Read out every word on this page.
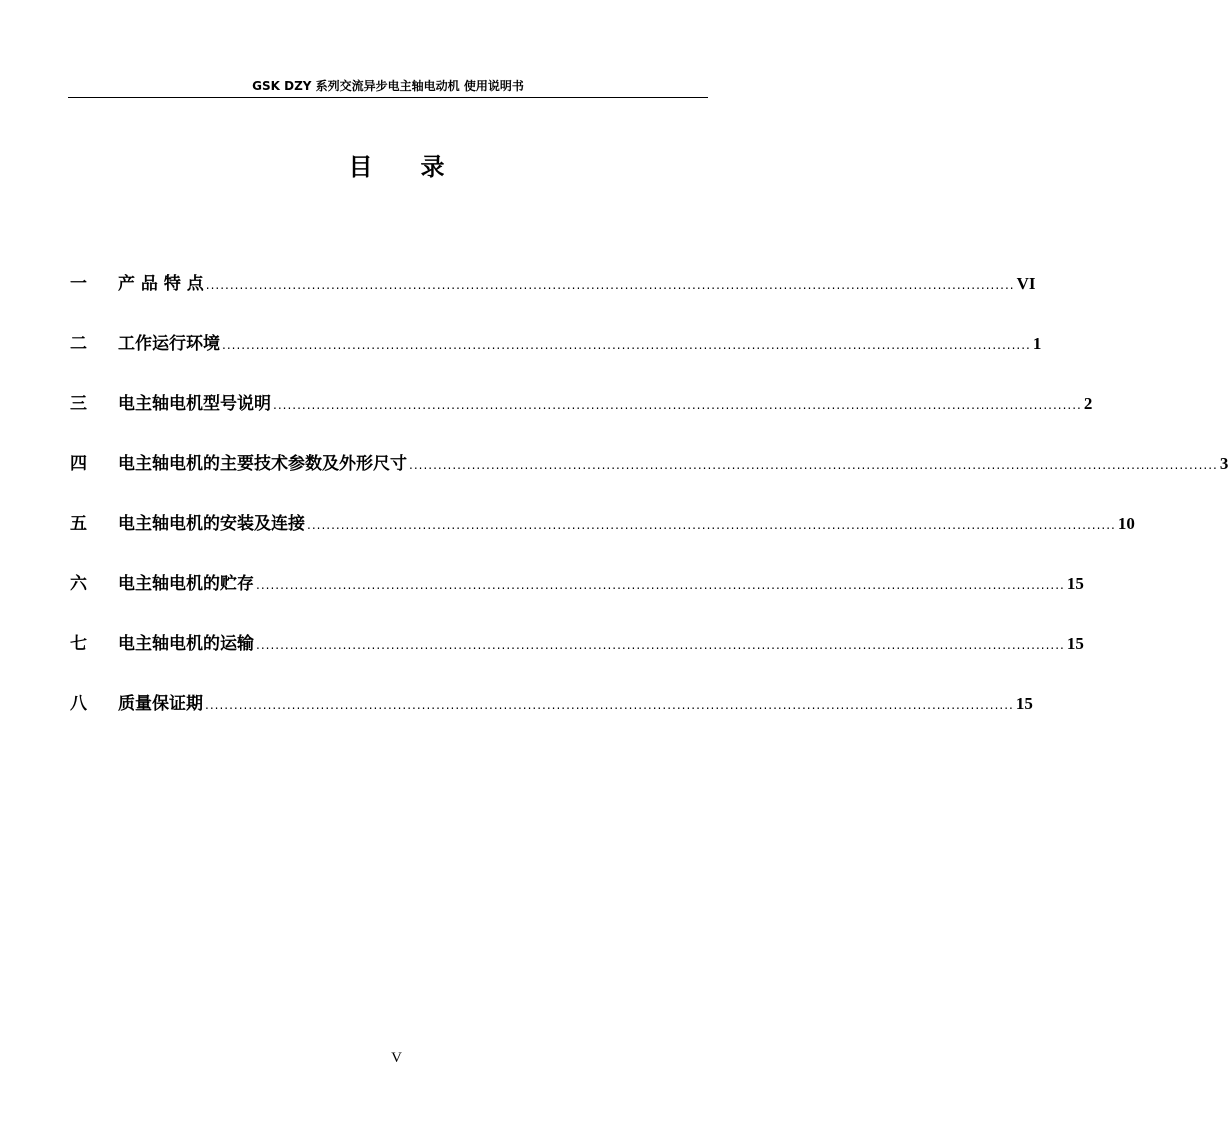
GSK DZY 系列交流异步电主轴电动机 使用说明书
目 录
一	产 品 特 点 ........................................................................................................................................................................ VI
二	工作运行环境 ........................................................................................................................................................................ 1
三	电主轴电机型号说明 ........................................................................................................................................................................ 2
四	电主轴电机的主要技术参数及外形尺寸 ........................................................................................................................................................................ 3
五	电主轴电机的安装及连接 ........................................................................................................................................................................ 10
六	电主轴电机的贮存 ........................................................................................................................................................................ 15
七	电主轴电机的运输 ........................................................................................................................................................................ 15
八	质量保证期 ........................................................................................................................................................................ 15
V
